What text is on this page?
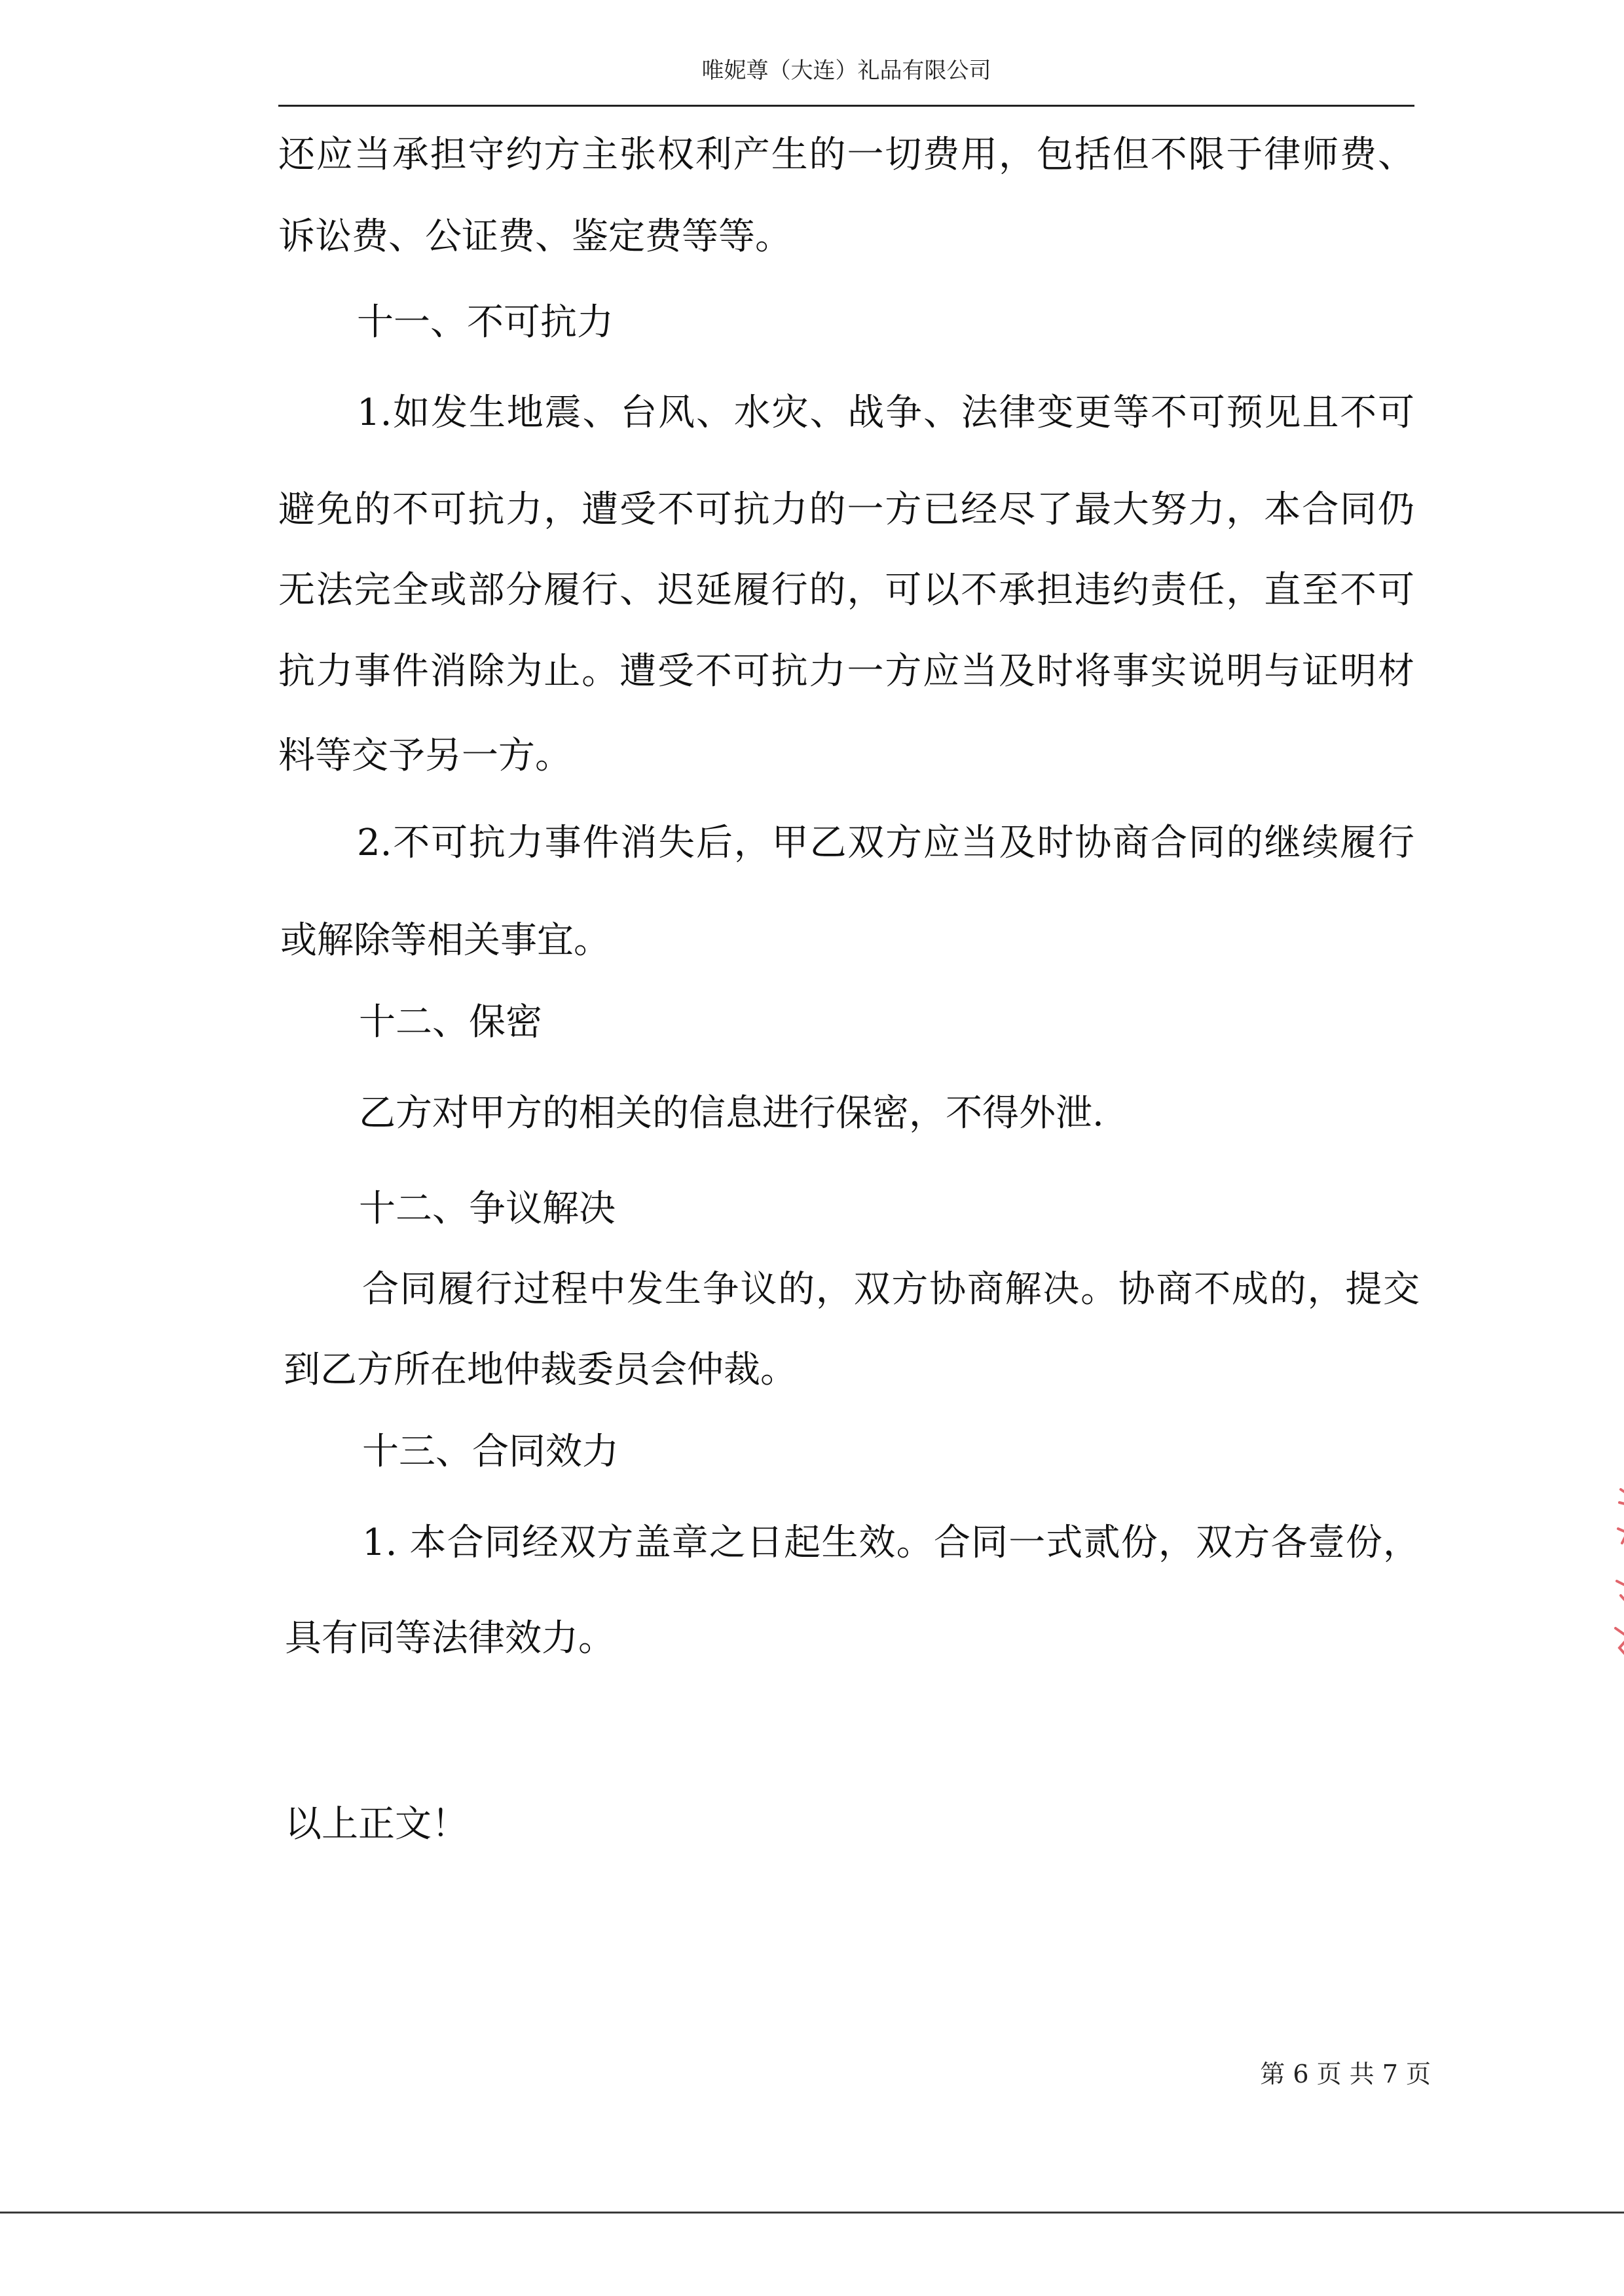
唯妮尊（大连）礼品有限公司
还应当承担守约方主张权利产生的一切费用，包括但不限于律师费、
诉讼费、公证费、鉴定费等等。
十一、不可抗力
1.如发生地震、台风、水灾、战争、法律变更等不可预见且不可
避免的不可抗力，遭受不可抗力的一方已经尽了最大努力，本合同仍
无法完全或部分履行、迟延履行的，可以不承担违约责任，直至不可
抗力事件消除为止。遭受不可抗力一方应当及时将事实说明与证明材
料等交予另一方。
2.不可抗力事件消失后，甲乙双方应当及时协商合同的继续履行
或解除等相关事宜。
十二、保密
乙方对甲方的相关的信息进行保密，不得外泄.
十二、争议解决
合同履行过程中发生争议的，双方协商解决。协商不成的，提交
到乙方所在地仲裁委员会仲裁。
十三、合同效力
1. 本合同经双方盖章之日起生效。合同一式贰份，双方各壹份，
具有同等法律效力。
以上正文！
第 6 页 共 7 页
